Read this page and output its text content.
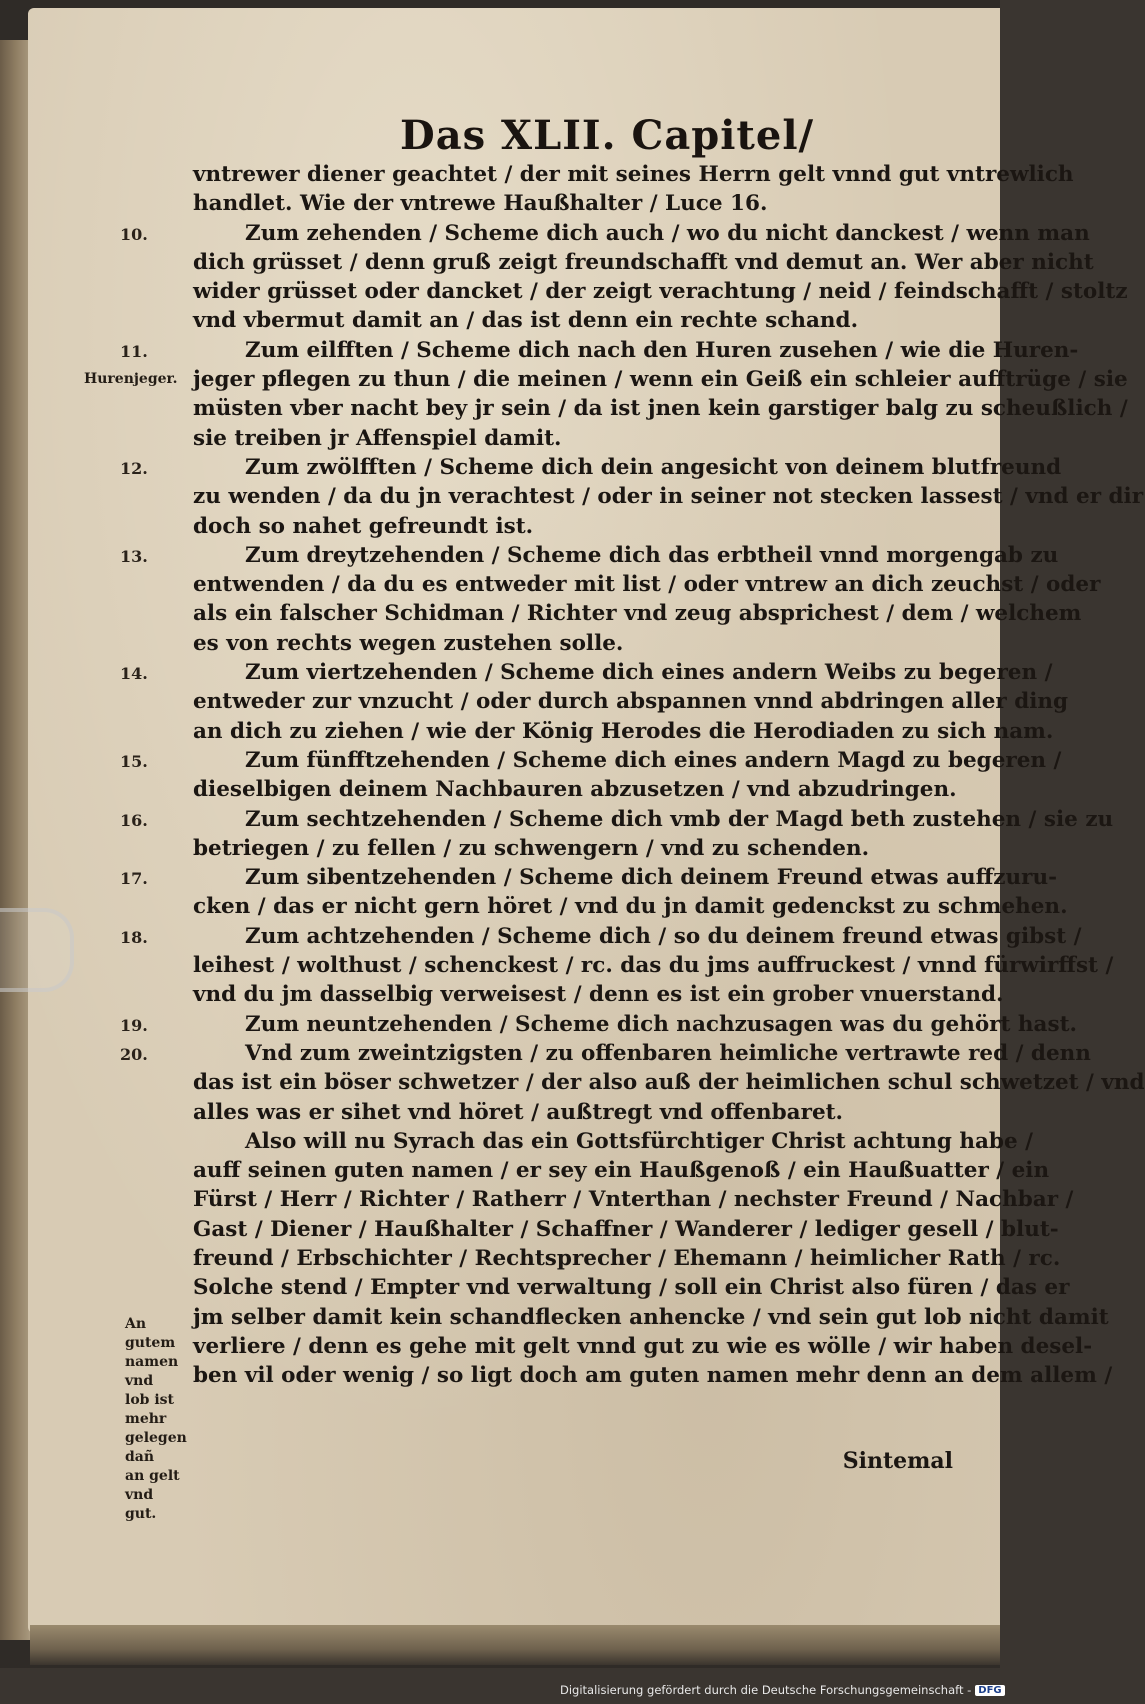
Das XLII. Capitel/
vntrewer diener geachtet / der mit seines Herrn gelt vnnd gut vntrewlich
handlet. Wie der vntrewe Haußhalter / Luce 16.
Zum zehenden / Scheme dich auch / wo du nicht danckest / wenn man
dich grüsset / denn gruß zeigt freundschafft vnd demut an. Wer aber nicht
wider grüsset oder dancket / der zeigt verachtung / neid / feindschafft / stoltz
vnd vbermut damit an / das ist denn ein rechte schand.
Zum eilfften / Scheme dich nach den Huren zusehen / wie die Huren-
jeger pflegen zu thun / die meinen / wenn ein Geiß ein schleier aufftrüge / sie
müsten vber nacht bey jr sein / da ist jnen kein garstiger balg zu scheußlich /
sie treiben jr Affenspiel damit.
Zum zwölfften / Scheme dich dein angesicht von deinem blutfreund
zu wenden / da du jn verachtest / oder in seiner not stecken lassest / vnd er dir
doch so nahet gefreundt ist.
Zum dreytzehenden / Scheme dich das erbtheil vnnd morgengab zu
entwenden / da du es entweder mit list / oder vntrew an dich zeuchst / oder
als ein falscher Schidman / Richter vnd zeug absprichest / dem / welchem
es von rechts wegen zustehen solle.
Zum viertzehenden / Scheme dich eines andern Weibs zu begeren /
entweder zur vnzucht / oder durch abspannen vnnd abdringen aller ding
an dich zu ziehen / wie der König Herodes die Herodiaden zu sich nam.
Zum fünfftzehenden / Scheme dich eines andern Magd zu begeren /
dieselbigen deinem Nachbauren abzusetzen / vnd abzudringen.
Zum sechtzehenden / Scheme dich vmb der Magd beth zustehen / sie zu
betriegen / zu fellen / zu schwengern / vnd zu schenden.
Zum sibentzehenden / Scheme dich deinem Freund etwas auffzuru-
cken / das er nicht gern höret / vnd du jn damit gedenckst zu schmehen.
Zum achtzehenden / Scheme dich / so du deinem freund etwas gibst /
leihest / wolthust / schenckest / rc. das du jms auffruckest / vnnd fürwirffst /
vnd du jm dasselbig verweisest / denn es ist ein grober vnuerstand.
Zum neuntzehenden / Scheme dich nachzusagen was du gehört hast.
Vnd zum zweintzigsten / zu offenbaren heimliche vertrawte red / denn
das ist ein böser schwetzer / der also auß der heimlichen schul schwetzet / vnd
alles was er sihet vnd höret / außtregt vnd offenbaret.
Also will nu Syrach das ein Gottsfürchtiger Christ achtung habe /
auff seinen guten namen / er sey ein Haußgenoß / ein Haußuatter / ein
Fürst / Herr / Richter / Ratherr / Vnterthan / nechster Freund / Nachbar /
Gast / Diener / Haußhalter / Schaffner / Wanderer / lediger gesell / blut-
freund / Erbschichter / Rechtsprecher / Ehemann / heimlicher Rath / rc.
Solche stend / Empter vnd verwaltung / soll ein Christ also füren / das er
jm selber damit kein schandflecken anhencke / vnd sein gut lob nicht damit
verliere / denn es gehe mit gelt vnnd gut zu wie es wölle / wir haben desel-
ben vil oder wenig / so ligt doch am guten namen mehr denn an dem allem /
10.
11.
12.
13.
14.
15.
16.
17.
18.
19.
20.
Hurenjeger.
An gutem
namen vnd
lob ist mehr
gelegen dañ
an gelt vnd
gut.
Sintemal
Digitalisierung gefördert durch die Deutsche Forschungsgemeinschaft - DFG
